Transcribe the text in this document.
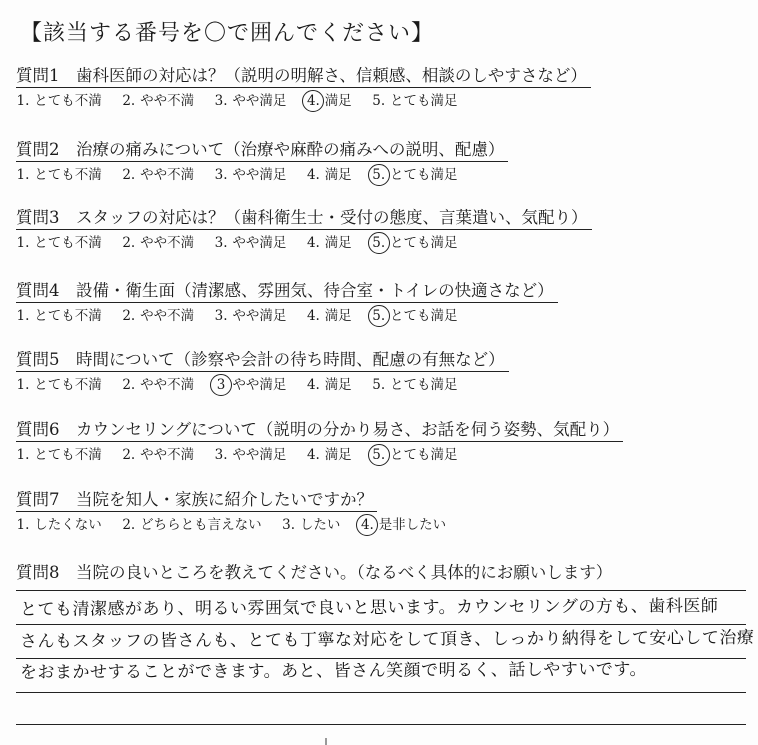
【該当する番号を〇で囲んでください】
質問1　歯科医師の対応は？（説明の明解さ、信頼感、相談のしやすさなど）
1. とても不満 2. やや不満 3. やや満足 4. 満足 5. とても満足
質問2　治療の痛みについて（治療や麻酔の痛みへの説明、配慮）
1. とても不満 2. やや不満 3. やや満足 4. 満足 5. とても満足
質問3　スタッフの対応は？（歯科衛生士・受付の態度、言葉遣い、気配り）
1. とても不満 2. やや不満 3. やや満足 4. 満足 5. とても満足
質問4　設備・衛生面（清潔感、雰囲気、待合室・トイレの快適さなど）
1. とても不満 2. やや不満 3. やや満足 4. 満足 5. とても満足
質問5　時間について（診察や会計の待ち時間、配慮の有無など）
1. とても不満 2. やや不満 3 やや満足 4. 満足 5. とても満足
質問6　カウンセリングについて（説明の分かり易さ、お話を伺う姿勢、気配り）
1. とても不満 2. やや不満 3. やや満足 4. 満足 5. とても満足
質問7　当院を知人・家族に紹介したいですか？
1. したくない 2. どちらとも言えない 3. したい 4. 是非したい
質問8　当院の良いところを教えてください。（なるべく具体的にお願いします）
とても清潔感があり、明るい雰囲気で良いと思います。カウンセリングの方も、歯科医師
さんもスタッフの皆さんも、とても丁寧な対応をして頂き、しっかり納得をして安心して治療
をおまかせすることができます。あと、皆さん笑顔で明るく、話しやすいです。
